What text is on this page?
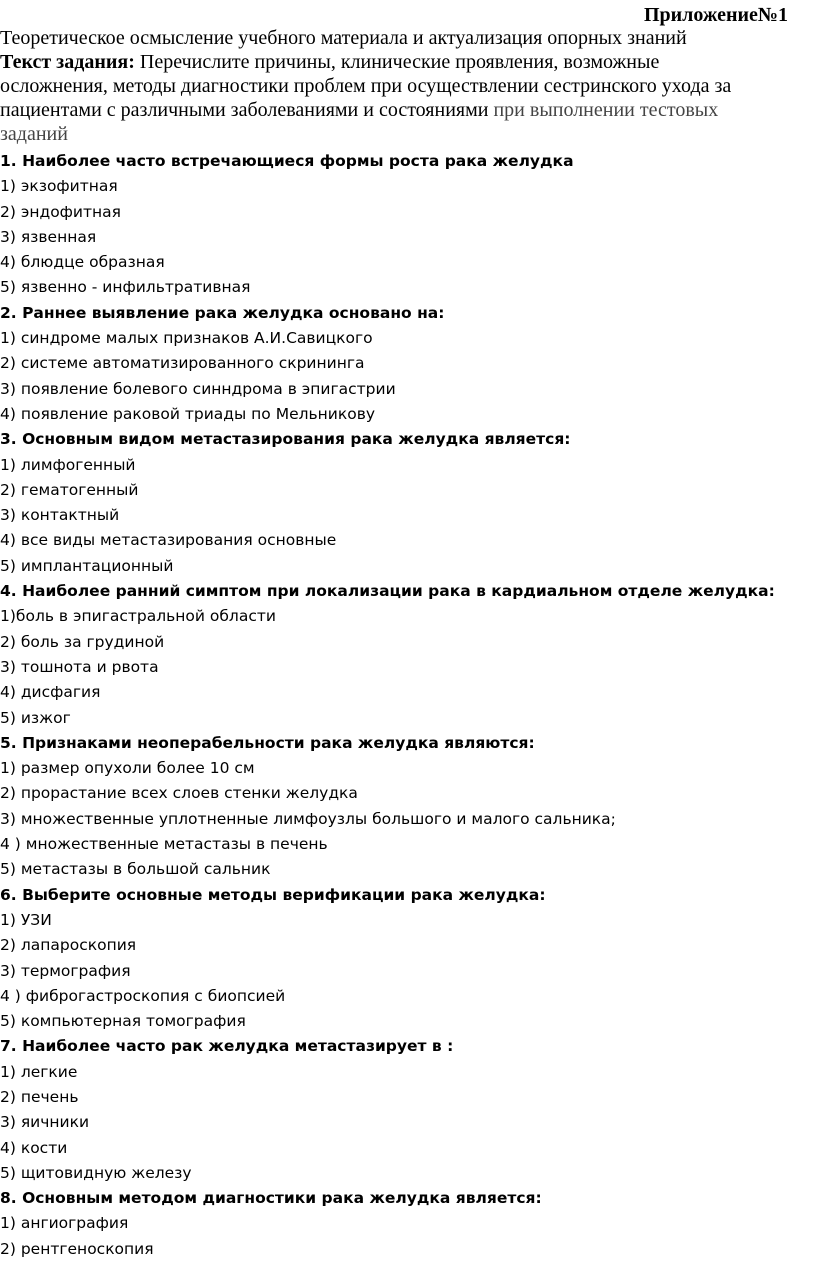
Приложение№1
Теоретическое осмысление учебного материала и актуализация опорных знаний
Текст задания: Перечислите причины, клинические проявления, возможные
осложнения, методы диагностики проблем при осуществлении сестринского ухода за
пациентами с различными заболеваниями и состояниями при выполнении тестовых
заданий
1. Наиболее часто встречающиеся формы роста рака желудка
1) экзофитная
2) эндофитная
3) язвенная
4) блюдце образная
5) язвенно - инфильтративная
2. Раннее выявление рака желудка основано на:
1) синдроме малых признаков А.И.Савицкого
2) системе автоматизированного скрининга
3) появление болевого синндрома в эпигастрии
4) появление раковой триады по Мельникову
3. Основным видом метастазирования рака желудка является:
1) лимфогенный
2) гематогенный
3) контактный
4) все виды метастазирования основные
5) имплантационный
4. Наиболее ранний симптом при локализации рака в кардиальном отделе желудка:
1)боль в эпигастральной области
2) боль за грудиной
3) тошнота и рвота
4) дисфагия
5) изжог
5. Признаками неоперабельности рака желудка являются:
1) размер опухоли более 10 см
2) прорастание всех слоев стенки желудка
3) множественные уплотненные лимфоузлы большого и малого сальника;
4 ) множественные метастазы в печень
5) метастазы в большой сальник
6. Выберите основные методы верификации рака желудка:
1) УЗИ
2) лапароскопия
3) термография
4 ) фиброгастроскопия с биопсией
5) компьютерная томография
7. Наиболее часто рак желудка метастазирует в :
1) легкие
2) печень
3) яичники
4) кости
5) щитовидную железу
8. Основным методом диагностики рака желудка является:
1) ангиография
2) рентгеноскопия
